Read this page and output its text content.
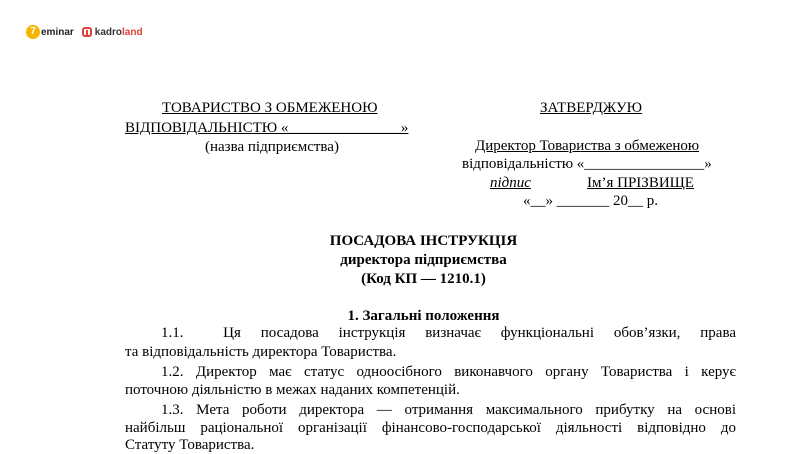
7 eminar kadroland
ТОВАРИСТВО З ОБМЕЖЕНОЮ
ВІДПОВІДАЛЬНІСТЮ «_______________»
(назва підприємства)
ЗАТВЕРДЖУЮ
Директор Товариства з обмеженою
відповідальністю «________________»
підпис	Ім’я ПРІЗВИЩЕ
«__» _______ 20__ р.
ПОСАДОВА ІНСТРУКЦІЯ
директора підприємства
(Код КП — 1210.1)
1. Загальні положення
1.1.  Ця посадова інструкція визначає функціональні обов’язки, права
та відповідальність директора Товариства.
1.2. Директор має статус одноосібного виконавчого органу Товариства і керує
поточною діяльністю в межах наданих компетенцій.
1.3. Мета роботи директора — отримання максимального прибутку на основі
найбільш раціональної організації фінансово-господарської діяльності відповідно до
Статуту Товариства.
